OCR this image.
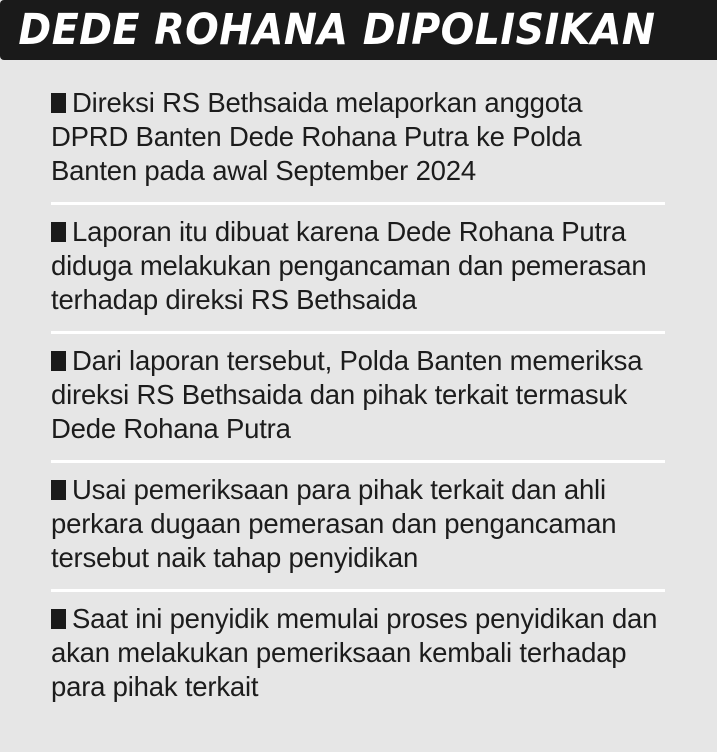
DEDE ROHANA DIPOLISIKAN
Direksi RS Bethsaida melaporkan anggota DPRD Banten Dede Rohana Putra ke Polda Banten pada awal September 2024
Laporan itu dibuat karena Dede Rohana Putra diduga melakukan pengancaman dan pemerasan terhadap direksi RS Bethsaida
Dari laporan tersebut, Polda Banten memeriksa direksi RS Bethsaida dan pihak terkait termasuk Dede Rohana Putra
Usai pemeriksaan para pihak terkait dan ahli perkara dugaan pemerasan dan pengancaman tersebut naik tahap penyidikan
Saat ini penyidik memulai proses penyidikan dan akan melakukan pemeriksaan kembali terhadap para pihak terkait
